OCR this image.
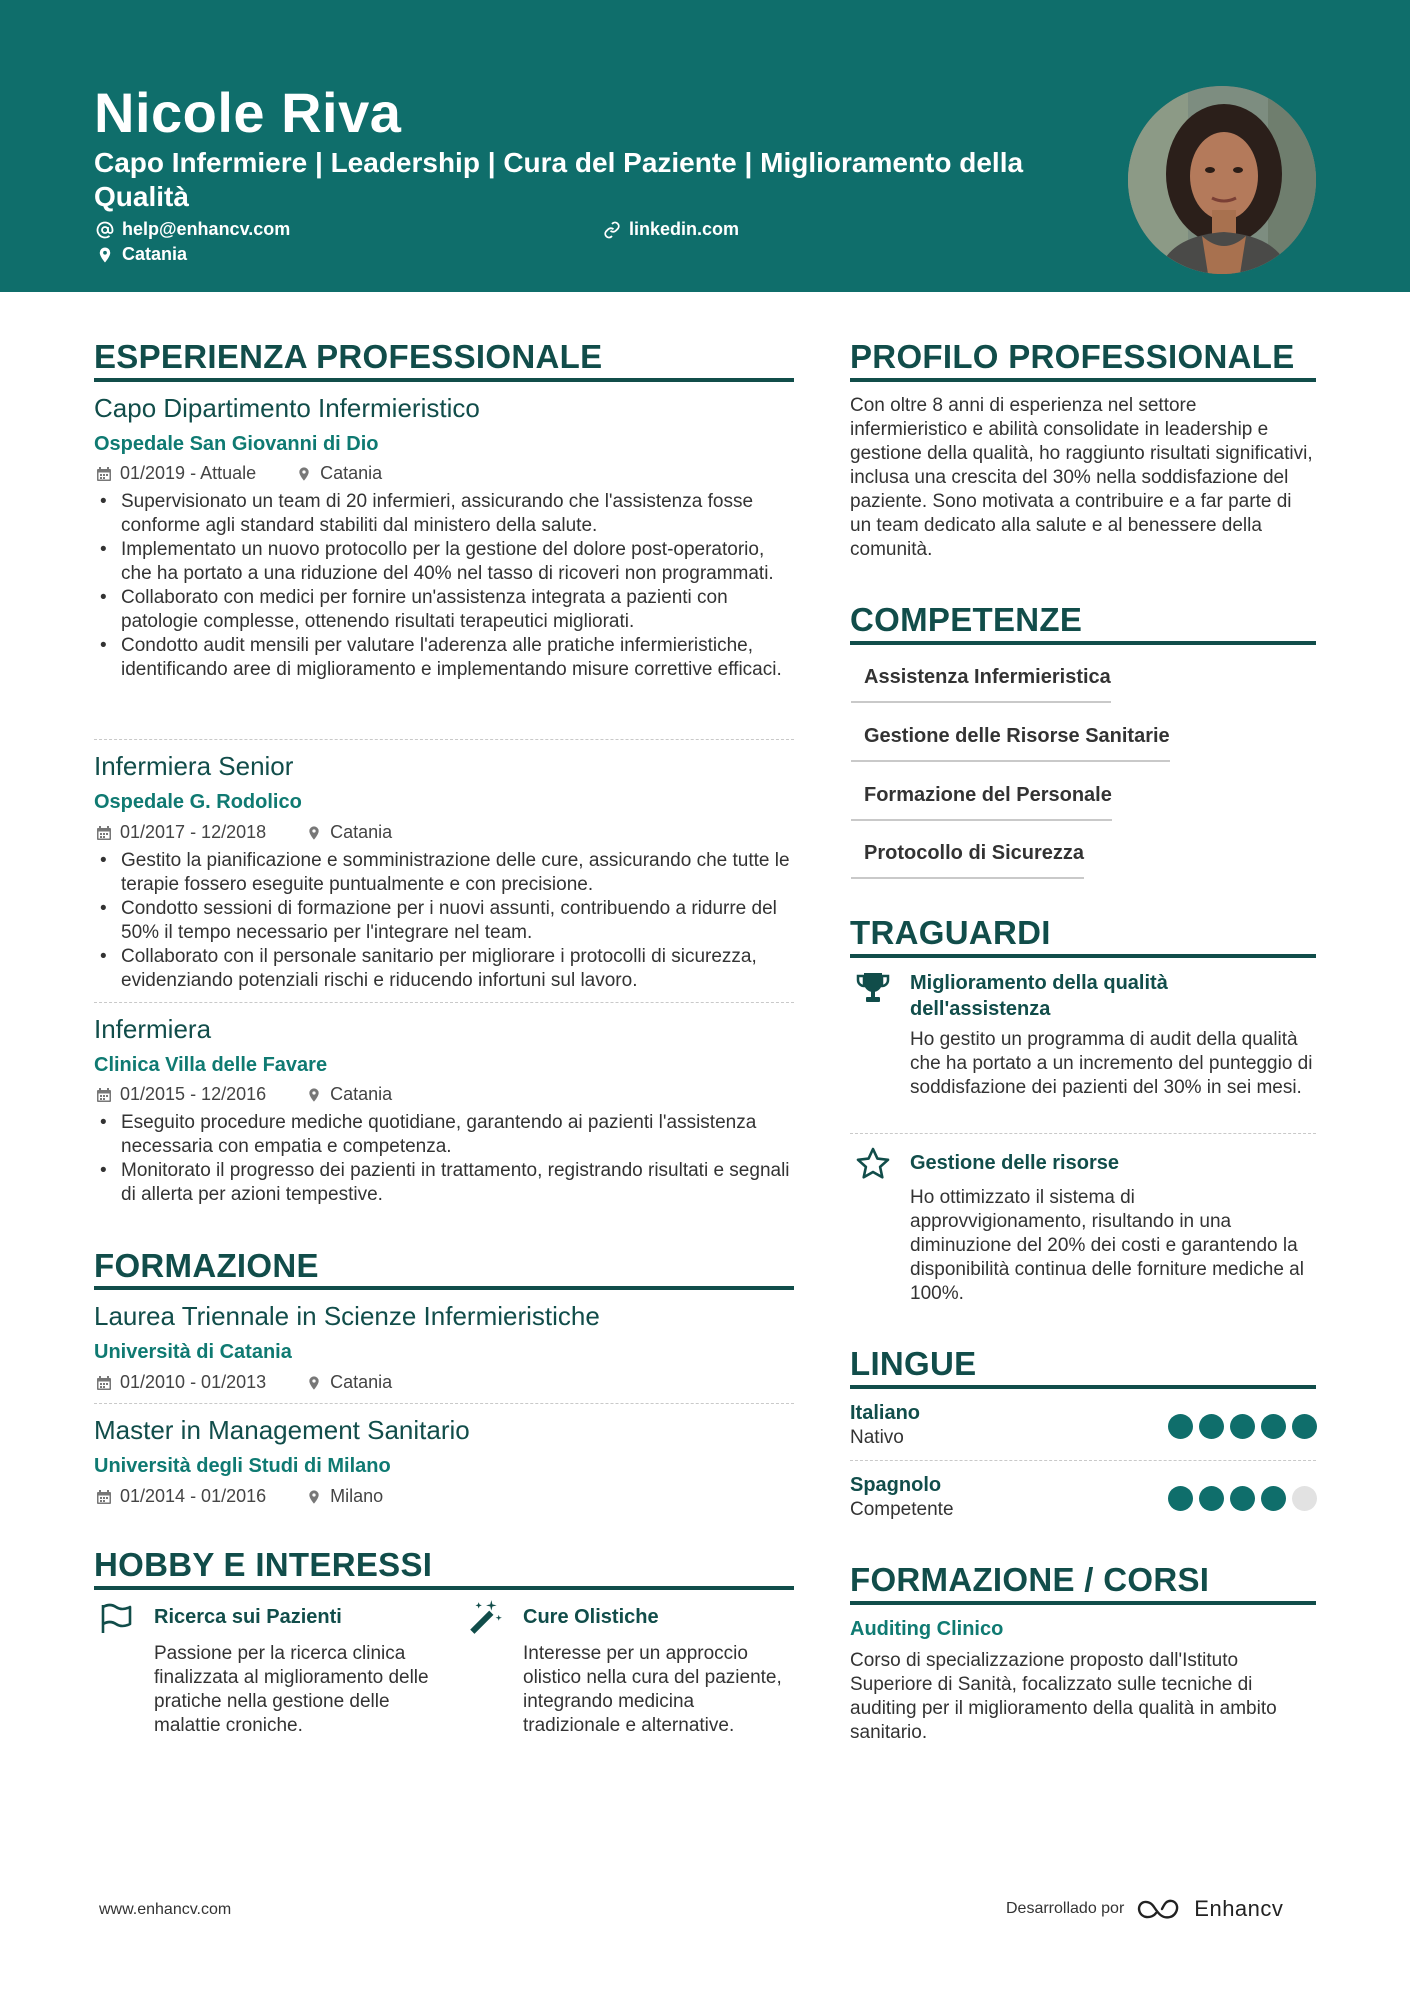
Nicole Riva
Capo Infermiere | Leadership | Cura del Paziente | Miglioramento della Qualità
help@enhancv.com	linkedin.com
Catania
ESPERIENZA PROFESSIONALE
Capo Dipartimento Infermieristico
Ospedale San Giovanni di Dio
01/2019 - Attuale	Catania
• Supervisionato un team di 20 infermieri, assicurando che l'assistenza fosse conforme agli standard stabiliti dal ministero della salute.
• Implementato un nuovo protocollo per la gestione del dolore post-operatorio, che ha portato a una riduzione del 40% nel tasso di ricoveri non programmati.
• Collaborato con medici per fornire un'assistenza integrata a pazienti con patologie complesse, ottenendo risultati terapeutici migliorati.
• Condotto audit mensili per valutare l'aderenza alle pratiche infermieristiche, identificando aree di miglioramento e implementando misure correttive efficaci.
Infermiera Senior
Ospedale G. Rodolico
01/2017 - 12/2018	Catania
• Gestito la pianificazione e somministrazione delle cure, assicurando che tutte le terapie fossero eseguite puntualmente e con precisione.
• Condotto sessioni di formazione per i nuovi assunti, contribuendo a ridurre del 50% il tempo necessario per l'integrare nel team.
• Collaborato con il personale sanitario per migliorare i protocolli di sicurezza, evidenziando potenziali rischi e riducendo infortuni sul lavoro.
Infermiera
Clinica Villa delle Favare
01/2015 - 12/2016	Catania
• Eseguito procedure mediche quotidiane, garantendo ai pazienti l'assistenza necessaria con empatia e competenza.
• Monitorato il progresso dei pazienti in trattamento, registrando risultati e segnali di allerta per azioni tempestive.
FORMAZIONE
Laurea Triennale in Scienze Infermieristiche
Università di Catania
01/2010 - 01/2013	Catania
Master in Management Sanitario
Università degli Studi di Milano
01/2014 - 01/2016	Milano
HOBBY E INTERESSI
Ricerca sui Pazienti
Passione per la ricerca clinica finalizzata al miglioramento delle pratiche nella gestione delle malattie croniche.
Cure Olistiche
Interesse per un approccio olistico nella cura del paziente, integrando medicina tradizionale e alternative.
PROFILO PROFESSIONALE
Con oltre 8 anni di esperienza nel settore infermieristico e abilità consolidate in leadership e gestione della qualità, ho raggiunto risultati significativi, inclusa una crescita del 30% nella soddisfazione del paziente. Sono motivata a contribuire e a far parte di un team dedicato alla salute e al benessere della comunità.
COMPETENZE
Assistenza Infermieristica
Gestione delle Risorse Sanitarie
Formazione del Personale
Protocollo di Sicurezza
TRAGUARDI
Miglioramento della qualità dell'assistenza
Ho gestito un programma di audit della qualità che ha portato a un incremento del punteggio di soddisfazione dei pazienti del 30% in sei mesi.
Gestione delle risorse
Ho ottimizzato il sistema di approvvigionamento, risultando in una diminuzione del 20% dei costi e garantendo la disponibilità continua delle forniture mediche al 100%.
LINGUE
Italiano
Nativo
Spagnolo
Competente
FORMAZIONE / CORSI
Auditing Clinico
Corso di specializzazione proposto dall'Istituto Superiore di Sanità, focalizzato sulle tecniche di auditing per il miglioramento della qualità in ambito sanitario.
www.enhancv.com	Desarrollado por	Enhancv
